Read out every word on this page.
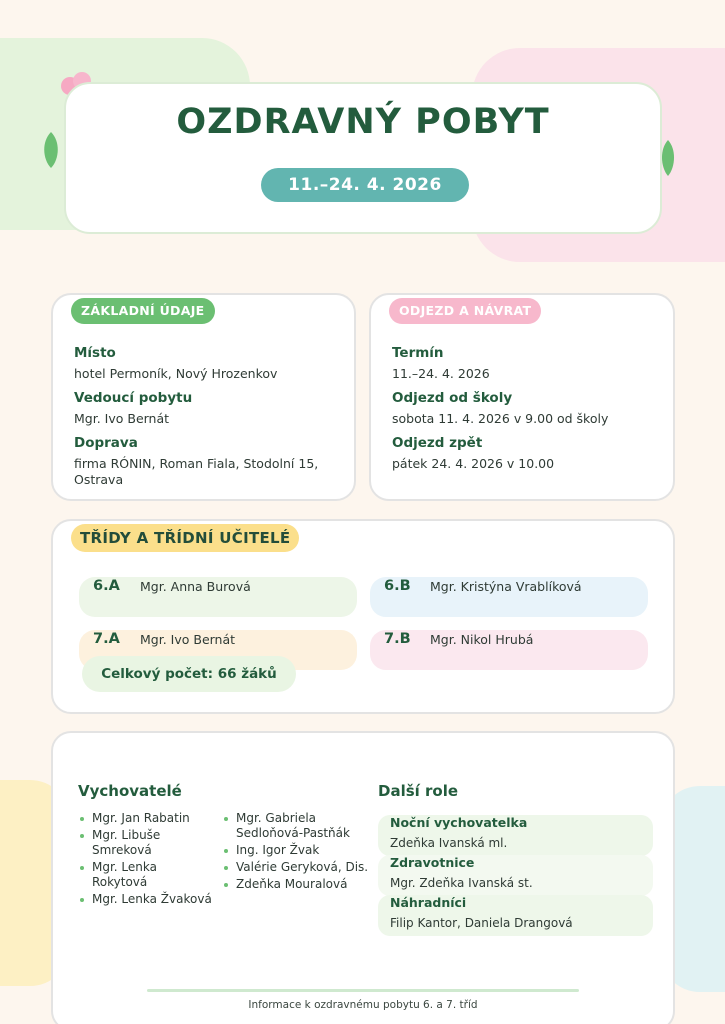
OZDRAVNÝ POBYT
11.–24. 4. 2026
ZÁKLADNÍ ÚDAJE
Místo
hotel Permoník, Nový Hrozenkov
Vedoucí pobytu
Mgr. Ivo Bernát
Doprava
firma RÓNIN, Roman Fiala, Stodolní 15, Ostrava
ODJEZD A NÁVRAT
Termín
11.–24. 4. 2026
Odjezd od školy
sobota 11. 4. 2026 v 9.00 od školy
Odjezd zpět
pátek 24. 4. 2026 v 10.00
TŘÍDY A TŘÍDNÍ UČITELÉ
6.A Mgr. Anna Burová	6.B Mgr. Kristýna Vrablíková
7.A Mgr. Ivo Bernát	7.B Mgr. Nikol Hrubá
Celkový počet: 66 žáků
Vychovatelé
Mgr. Jan Rabatin
Mgr. Libuše Smreková
Mgr. Lenka Rokytová
Mgr. Lenka Žvaková
Mgr. Gabriela Sedloňová-Pastňák
Ing. Igor Žvak
Valérie Geryková, Dis.
Zdeňka Mouralová
Další role
Noční vychovatelka
Zdeňka Ivanská ml.
Zdravotnice
Mgr. Zdeňka Ivanská st.
Náhradníci
Filip Kantor, Daniela Drangová
Informace k ozdravnému pobytu 6. a 7. tříd
